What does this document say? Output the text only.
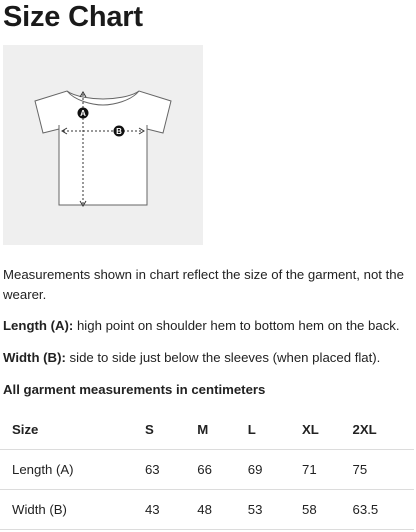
Size Chart
A
B

Measurements shown in chart reflect the size of the garment, not the wearer.

Length (A): high point on shoulder hem to bottom hem on the back.

Width (B): side to side just below the sleeves (when placed flat).

All garment measurements in centimeters

Size	S	M	L	XL	2XL
Length (A)	63	66	69	71	75
Width (B)	43	48	53	58	63.5
